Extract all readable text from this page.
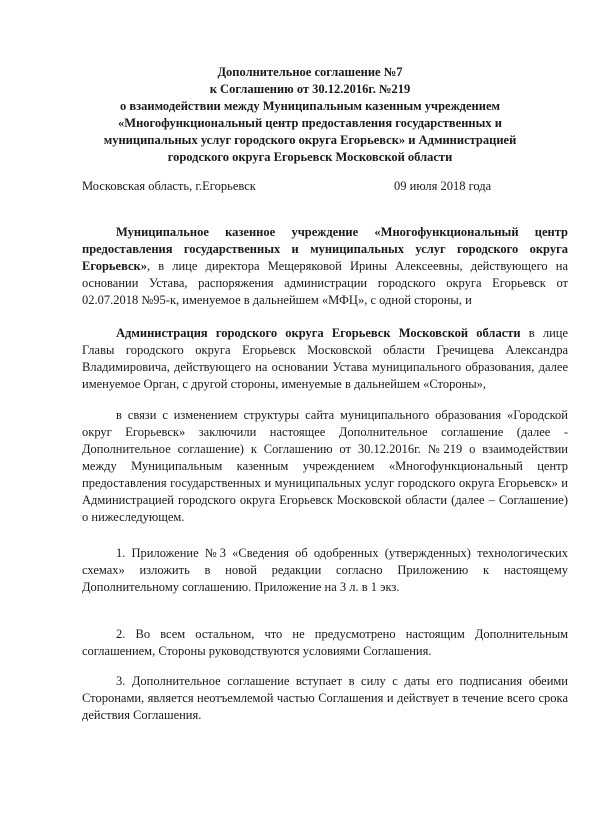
Дополнительное соглашение №7
к Соглашению от 30.12.2016г. №219
о взаимодействии между Муниципальным казенным учреждением
«Многофункциональный центр предоставления государственных и
муниципальных услуг городского округа Егорьевск» и Администрацией
городского округа Егорьевск Московской области
Московская область, г.Егорьевск	09 июля 2018 года

Муниципальное казенное учреждение «Многофункциональный центр предоставления государственных и муниципальных услуг городского округа Егорьевск», в лице директора Мещеряковой Ирины Алексеевны, действующего на основании Устава, распоряжения администрации городского округа Егорьевск от 02.07.2018 №95-к, именуемое в дальнейшем «МФЦ», с одной стороны, и

Администрация городского округа Егорьевск Московской области в лице Главы городского округа Егорьевск Московской области Гречищева Александра Владимировича, действующего на основании Устава муниципального образования, далее именуемое Орган, с другой стороны, именуемые в дальнейшем «Стороны»,

в связи с изменением структуры сайта муниципального образования «Городской округ Егорьевск» заключили настоящее Дополнительное соглашение (далее - Дополнительное соглашение) к Соглашению от 30.12.2016г. №219 о взаимодействии между Муниципальным казенным учреждением «Многофункциональный центр предоставления государственных и муниципальных услуг городского округа Егорьевск» и Администрацией городского округа Егорьевск Московской области (далее – Соглашение) о нижеследующем.

1. Приложение №3 «Сведения об одобренных (утвержденных) технологических схемах» изложить в новой редакции согласно Приложению к настоящему Дополнительному соглашению. Приложение на 3 л. в 1 экз.

2. Во всем остальном, что не предусмотрено настоящим Дополнительным соглашением, Стороны руководствуются условиями Соглашения.

3. Дополнительное соглашение вступает в силу с даты его подписания обеими Сторонами, является неотъемлемой частью Соглашения и действует в течение всего срока действия Соглашения.
